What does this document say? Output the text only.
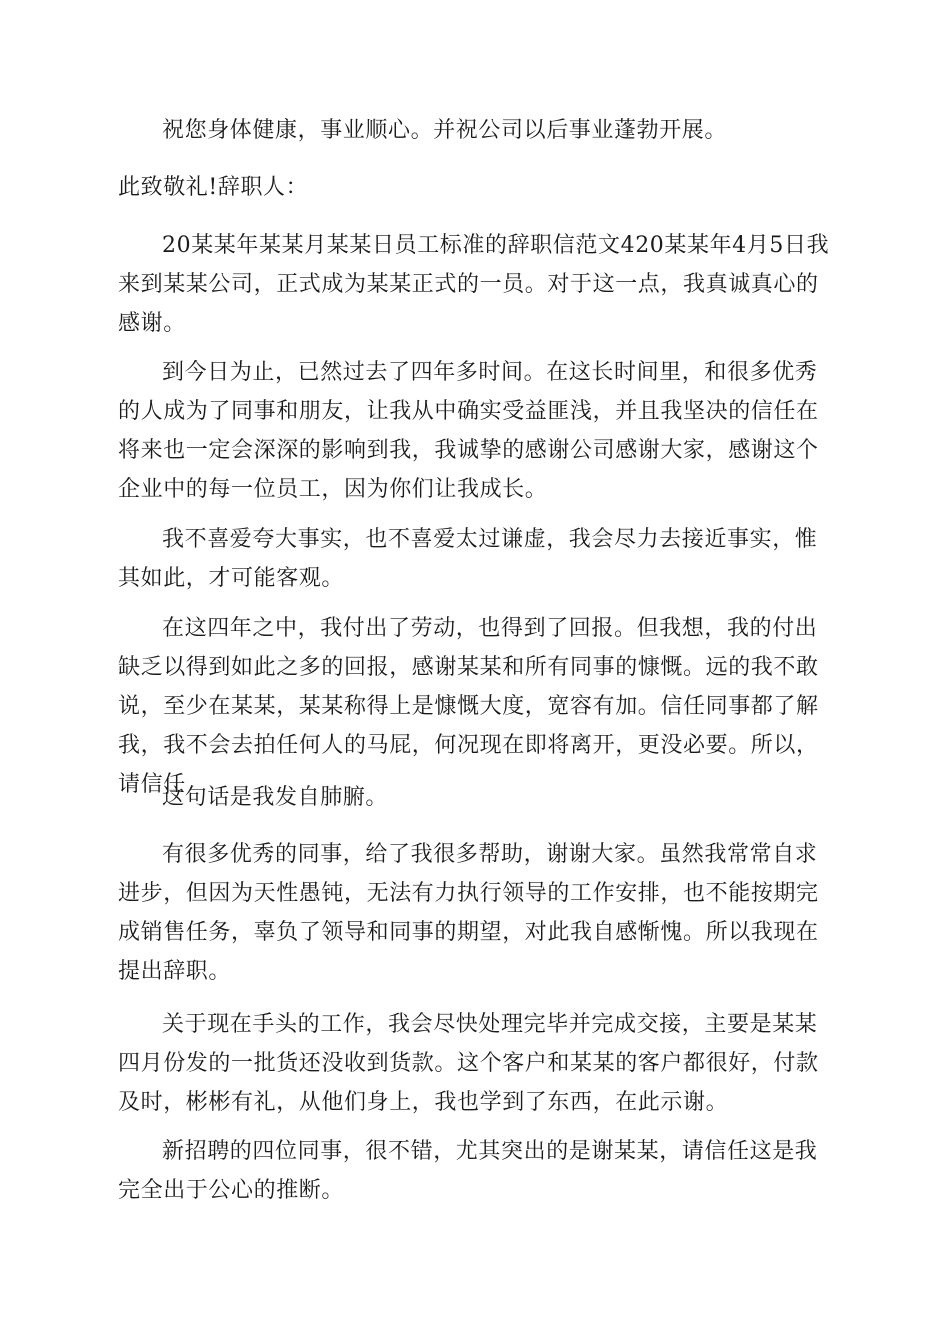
祝您身体健康，事业顺心。并祝公司以后事业蓬勃开展。

此致敬礼!辞职人：

20某某年某某月某某日员工标准的辞职信范文420某某年4月5日我来到某某公司，正式成为某某正式的一员。对于这一点，我真诚真心的感谢。

到今日为止，已然过去了四年多时间。在这长时间里，和很多优秀的人成为了同事和朋友，让我从中确实受益匪浅，并且我坚决的信任在将来也一定会深深的影响到我，我诚挚的感谢公司感谢大家，感谢这个企业中的每一位员工，因为你们让我成长。

我不喜爱夸大事实，也不喜爱太过谦虚，我会尽力去接近事实，惟其如此，才可能客观。

在这四年之中，我付出了劳动，也得到了回报。但我想，我的付出缺乏以得到如此之多的回报，感谢某某和所有同事的慷慨。远的我不敢说，至少在某某，某某称得上是慷慨大度，宽容有加。信任同事都了解我，我不会去拍任何人的马屁，何况现在即将离开，更没必要。所以，请信任

这句话是我发自肺腑。

有很多优秀的同事，给了我很多帮助，谢谢大家。虽然我常常自求进步，但因为天性愚钝，无法有力执行领导的工作安排，也不能按期完成销售任务，辜负了领导和同事的期望，对此我自感惭愧。所以我现在提出辞职。

关于现在手头的工作，我会尽快处理完毕并完成交接，主要是某某四月份发的一批货还没收到货款。这个客户和某某的客户都很好，付款及时，彬彬有礼，从他们身上，我也学到了东西，在此示谢。

新招聘的四位同事，很不错，尤其突出的是谢某某，请信任这是我完全出于公心的推断。
